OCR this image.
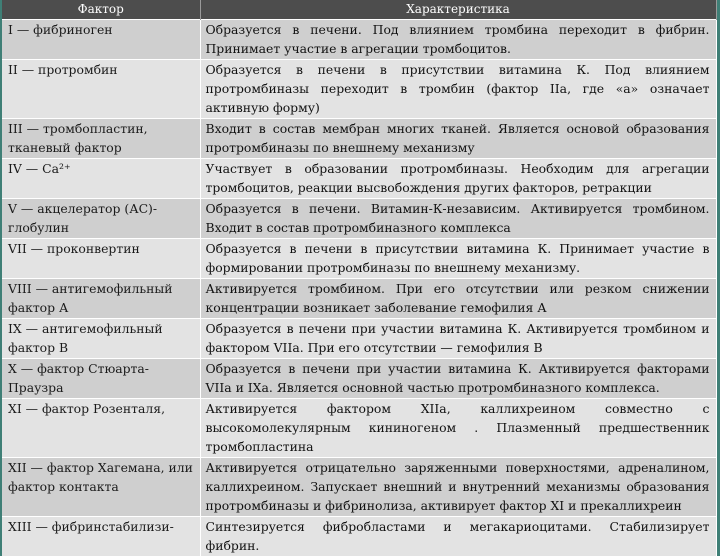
Фактор	Характеристика
I — фибриноген	Образуется в печени. Под влиянием тромбина переходит в фибрин. Принимает участие в агрегации тромбоцитов.
II — протромбин	Образуется в печени в присутствии витамина К. Под влиянием протромбиназы переходит в тромбин (фактор IIa, где «a» означает активную форму)
III — тромбопластин, тканевый фактор	Входит в состав мембран многих тканей. Является основой образования протромбиназы по внешнему механизму
IV — Ca²⁺	Участвует в образовании протромбиназы. Необходим для агрегации тромбоцитов, реакции высвобождения других факторов, ретракции
V — акцелератор (АС)-глобулин	Образуется в печени. Витамин-К-независим. Активируется тромбином. Входит в состав протромбиназного комплекса
VII — проконвертин	Образуется в печени в присутствии витамина К. Принимает участие в формировании протромбиназы по внешнему механизму.
VIII — антигемофильный фактор А	Активируется тромбином. При его отсутствии или резком снижении концентрации возникает заболевание гемофилия А
IX — антигемофильный фактор В	Образуется в печени при участии витамина К. Активируется тромбином и фактором VIIa. При его отсутствии — гемофилия В
X — фактор Стюарта-Праузра	Образуется в печени при участии витамина К. Активируется факторами VIIa и IXa. Является основной частью протромбиназного комплекса.
XI — фактор Розенталя,	Активируется фактором XIIa, каллихреином совместно с высокомолекулярным кининогеном . Плазменный предшественник тромбопластина
XII — фактор Хагемана, или фактор контакта	Активируется отрицательно заряженными поверхностями, адреналином, каллихреином. Запускает внешний и внутренний механизмы образования протромбиназы и фибринолиза, активирует фактор XI и прекаллихреин
XIII — фибринстабилизи-	Синтезируется фибробластами и мегакариоцитами. Стабилизирует фибрин.
